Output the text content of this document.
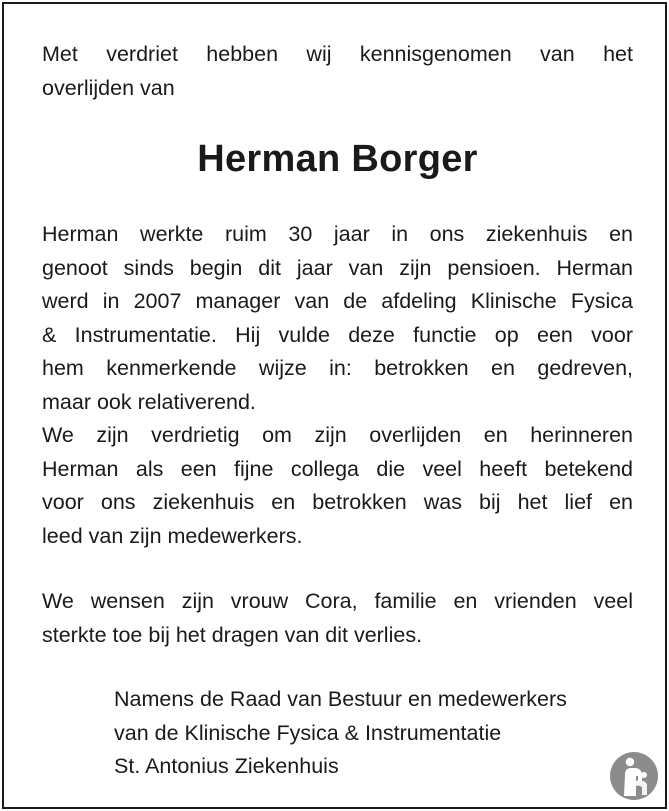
Met verdriet hebben wij kennisgenomen van het
overlijden van

Herman Borger

Herman werkte ruim 30 jaar in ons ziekenhuis en
genoot sinds begin dit jaar van zijn pensioen. Herman
werd in 2007 manager van de afdeling Klinische Fysica
& Instrumentatie. Hij vulde deze functie op een voor
hem kenmerkende wijze in: betrokken en gedreven,
maar ook relativerend.
We zijn verdrietig om zijn overlijden en herinneren
Herman als een fijne collega die veel heeft betekend
voor ons ziekenhuis en betrokken was bij het lief en
leed van zijn medewerkers.

We wensen zijn vrouw Cora, familie en vrienden veel
sterkte toe bij het dragen van dit verlies.

Namens de Raad van Bestuur en medewerkers
van de Klinische Fysica & Instrumentatie
St. Antonius Ziekenhuis
